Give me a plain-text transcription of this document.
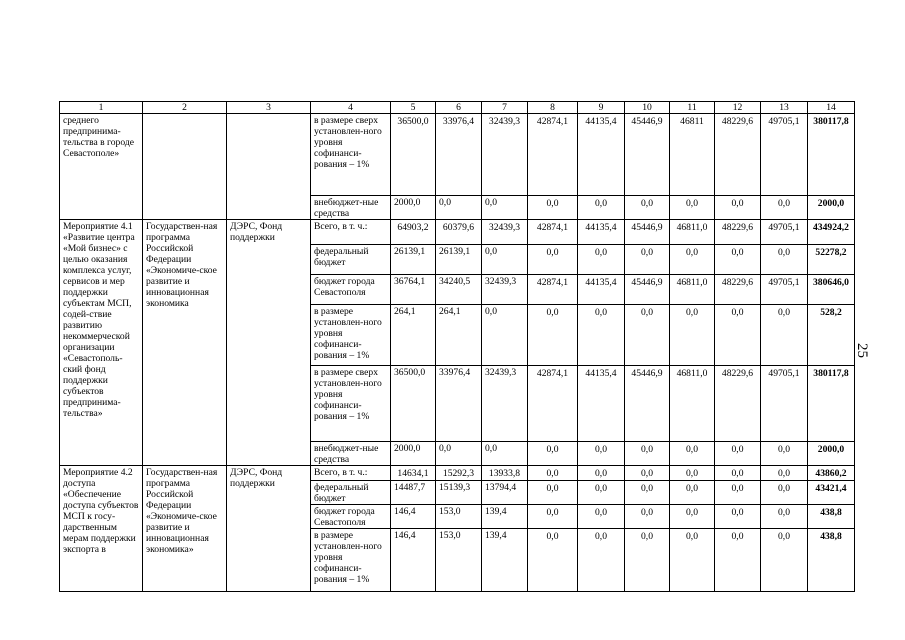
1	2	3	4	5	6	7	8	9	10	11	12	13	14
среднего предпринима-тельства в городе Севастополе»			в размере сверх установлен-ного уровня софинанси-рования – 1%	36500,0	33976,4	32439,3	42874,1	44135,4	45446,9	46811	48229,6	49705,1	380117,8
			внебюджет-ные средства	2000,0	0,0	0,0	0,0	0,0	0,0	0,0	0,0	0,0	2000,0
Мероприятие 4.1 «Развитие центра «Мой бизнес» с целью оказания комплекса услуг, сервисов и мер поддержки субъектам МСП, содей-ствие развитию некоммерческой организации «Севастополь-ский фонд поддержки субъектов предпринима-тельства»	Государствен-ная программа Российской Федерации «Экономиче-ское развитие и инновационная экономика	ДЭРС, Фонд поддержки	Всего, в т. ч.:	64903,2	60379,6	32439,3	42874,1	44135,4	45446,9	46811,0	48229,6	49705,1	434924,2
			федеральный бюджет	26139,1	26139,1	0,0	0,0	0,0	0,0	0,0	0,0	0,0	52278,2
			бюджет города Севастополя	36764,1	34240,5	32439,3	42874,1	44135,4	45446,9	46811,0	48229,6	49705,1	380646,0
			в размере установлен-ного уровня софинанси-рования – 1%	264,1	264,1	0,0	0,0	0,0	0,0	0,0	0,0	0,0	528,2
			в размере сверх установлен-ного уровня софинанси-рования – 1%	36500,0	33976,4	32439,3	42874,1	44135,4	45446,9	46811,0	48229,6	49705,1	380117,8
			внебюджет-ные средства	2000,0	0,0	0,0	0,0	0,0	0,0	0,0	0,0	0,0	2000,0
Мероприятие 4.2 доступа «Обеспечение доступа субъектов МСП к госу-дарственным мерам поддержки экспорта в	Государствен-ная программа Российской Федерации «Экономиче-ское развитие и инновационная экономика»	ДЭРС, Фонд поддержки	Всего, в т. ч.:	14634,1	15292,3	13933,8	0,0	0,0	0,0	0,0	0,0	0,0	43860,2
			федеральный бюджет	14487,7	15139,3	13794,4	0,0	0,0	0,0	0,0	0,0	0,0	43421,4
			бюджет города Севастополя	146,4	153,0	139,4	0,0	0,0	0,0	0,0	0,0	0,0	438,8
			в размере установлен-ного уровня софинанси-рования – 1%	146,4	153,0	139,4	0,0	0,0	0,0	0,0	0,0	0,0	438,8
25
